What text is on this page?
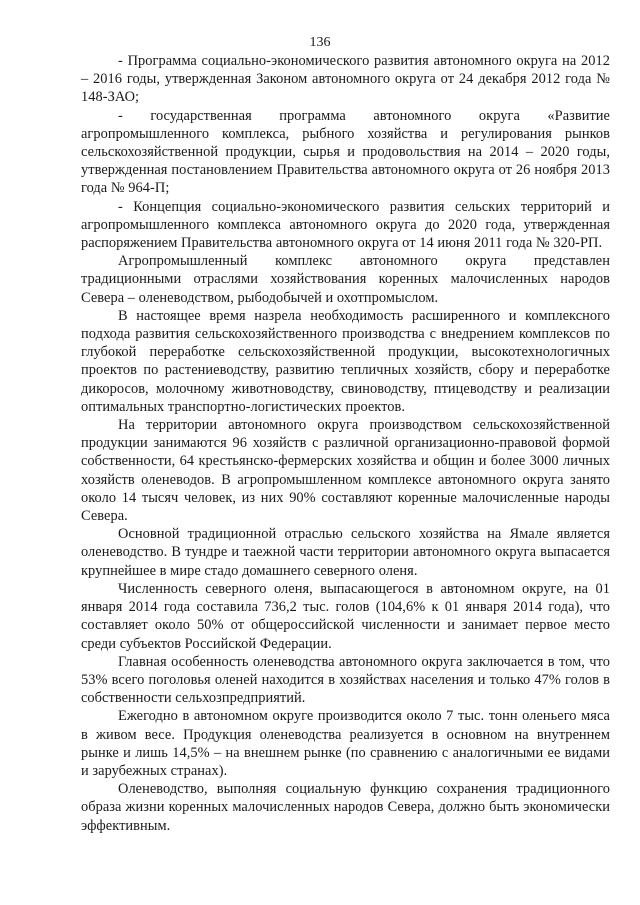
136

- Программа социально-экономического развития автономного округа на 2012 – 2016 годы, утвержденная Законом автономного округа от 24 декабря 2012 года № 148-ЗАО;

- государственная программа автономного округа «Развитие агропромышленного комплекса, рыбного хозяйства и регулирования рынков сельскохозяйственной продукции, сырья и продовольствия на 2014 – 2020 годы, утвержденная постановлением Правительства автономного округа от 26 ноября 2013 года № 964-П;

- Концепция социально-экономического развития сельских территорий и агропромышленного комплекса автономного округа до 2020 года, утвержденная распоряжением Правительства автономного округа от 14 июня 2011 года № 320-РП.

Агропромышленный комплекс автономного округа представлен традиционными отраслями хозяйствования коренных малочисленных народов Севера – оленеводством, рыбодобычей и охотпромыслом.

В настоящее время назрела необходимость расширенного и комплексного подхода развития сельскохозяйственного производства с внедрением комплексов по глубокой переработке сельскохозяйственной продукции, высокотехнологичных проектов по растениеводству, развитию тепличных хозяйств, сбору и переработке дикоросов, молочному животноводству, свиноводству, птицеводству и реализации оптимальных транспортно-логистических проектов.

На территории автономного округа производством сельскохозяйственной продукции занимаются 96 хозяйств с различной организационно-правовой формой собственности, 64 крестьянско-фермерских хозяйства и общин и более 3000 личных хозяйств оленеводов. В агропромышленном комплексе автономного округа занято около 14 тысяч человек, из них 90% составляют коренные малочисленные народы Севера.

Основной традиционной отраслью сельского хозяйства на Ямале является оленеводство. В тундре и таежной части территории автономного округа выпасается крупнейшее в мире стадо домашнего северного оленя.

Численность северного оленя, выпасающегося в автономном округе, на 01 января 2014 года составила 736,2 тыс. голов (104,6% к 01 января 2014 года), что составляет около 50% от общероссийской численности и занимает первое место среди субъектов Российской Федерации.

Главная особенность оленеводства автономного округа заключается в том, что 53% всего поголовья оленей находится в хозяйствах населения и только 47% голов в собственности сельхозпредприятий.

Ежегодно в автономном округе производится около 7 тыс. тонн оленьего мяса в живом весе. Продукция оленеводства реализуется в основном на внутреннем рынке и лишь 14,5% – на внешнем рынке (по сравнению с аналогичными ее видами и зарубежных странах).

Оленеводство, выполняя социальную функцию сохранения традиционного образа жизни коренных малочисленных народов Севера, должно быть экономически эффективным.
